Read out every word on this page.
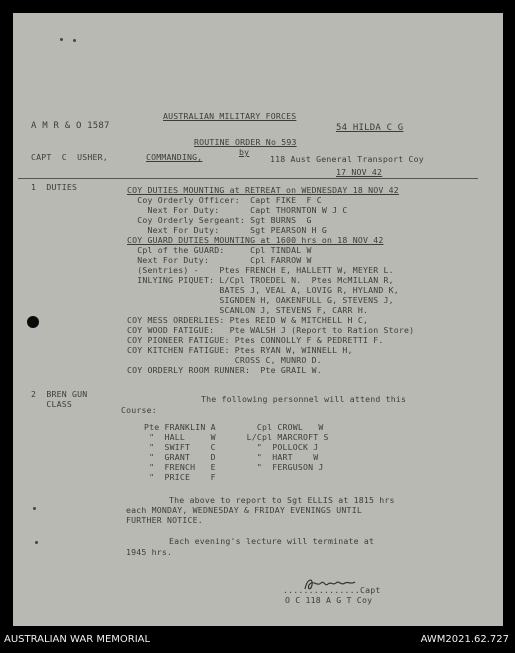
AUSTRALIAN MILITARY FORCES
A M R & O 1587	54 HILDA C G
ROUTINE ORDER No 593
by
CAPT  C  USHER,	COMMANDING,	118 Aust General Transport Coy
17 NOV 42
1  DUTIES	COY DUTIES MOUNTING at RETREAT on WEDNESDAY 18 NOV 42
Coy Orderly Officer:  Capt FIKE  F C
Next For Duty:      Capt THORNTON W J C
Coy Orderly Sergeant: Sgt BURNS  G
Next For Duty:      Sgt PEARSON H G
COY GUARD DUTIES MOUNTING at 1600 hrs on 18 NOV 42
Cpl of the GUARD:     Cpl TINDAL W
Next For Duty:        Cpl FARROW W
(Sentries) -    Ptes FRENCH E, HALLETT W, MEYER L.
INLYING PIQUET: L/Cpl TROEDEL N.  Ptes McMILLAN R,
BATES J, VEAL A, LOVIG R, HYLAND K,
SIGNDEN H, OAKENFULL G, STEVENS J,
SCANLON J, STEVENS F, CARR H.
COY MESS ORDERLIES: Ptes REID W & MITCHELL H C,
COY WOOD FATIGUE:   Pte WALSH J (Report to Ration Store)
COY PIONEER FATIGUE: Ptes CONNOLLY F & PEDRETTI F.
COY KITCHEN FATIGUE: Ptes RYAN W, WINNELL H,
CROSS C, MUNRO D.
COY ORDERLY ROOM RUNNER:  Pte GRAIL W.
2  BREN GUN
CLASS	The following personnel will attend this
Course:
Pte FRANKLIN A        Cpl CROWL   W
"  HALL     W      L/Cpl MARCROFT S
"  SWIFT    C        "  POLLOCK J
"  GRANT    D        "  HART    W
"  FRENCH   E        "  FERGUSON J
"  PRICE    F
The above to report to Sgt ELLIS at 1815 hrs
each MONDAY, WEDNESDAY & FRIDAY EVENINGS UNTIL
FURTHER NOTICE.
Each evening's lecture will terminate at
1945 hrs.
...............Capt
O C 118 A G T Coy
AUSTRALIAN WAR MEMORIAL	AWM2021.62.727
